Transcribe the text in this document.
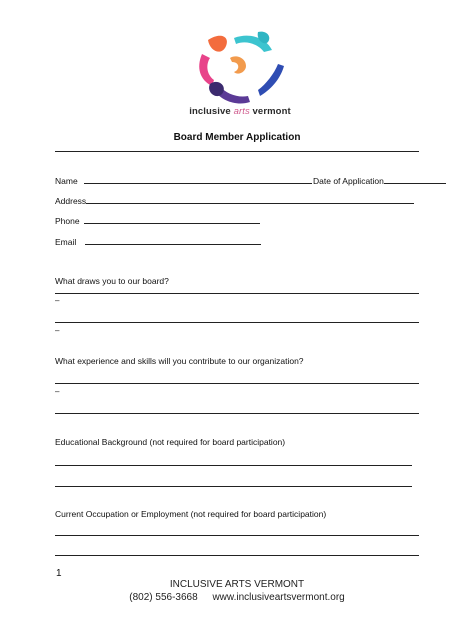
inclusive arts vermont
Board Member Application
Name	Date of Application
Address
Phone
Email
What draws you to our board?
–
–
What experience and skills will you contribute to our organization?
–
Educational Background (not required for board participation)
Current Occupation or Employment (not required for board participation)
1
INCLUSIVE ARTS VERMONT
(802) 556-3668 www.inclusiveartsvermont.org
